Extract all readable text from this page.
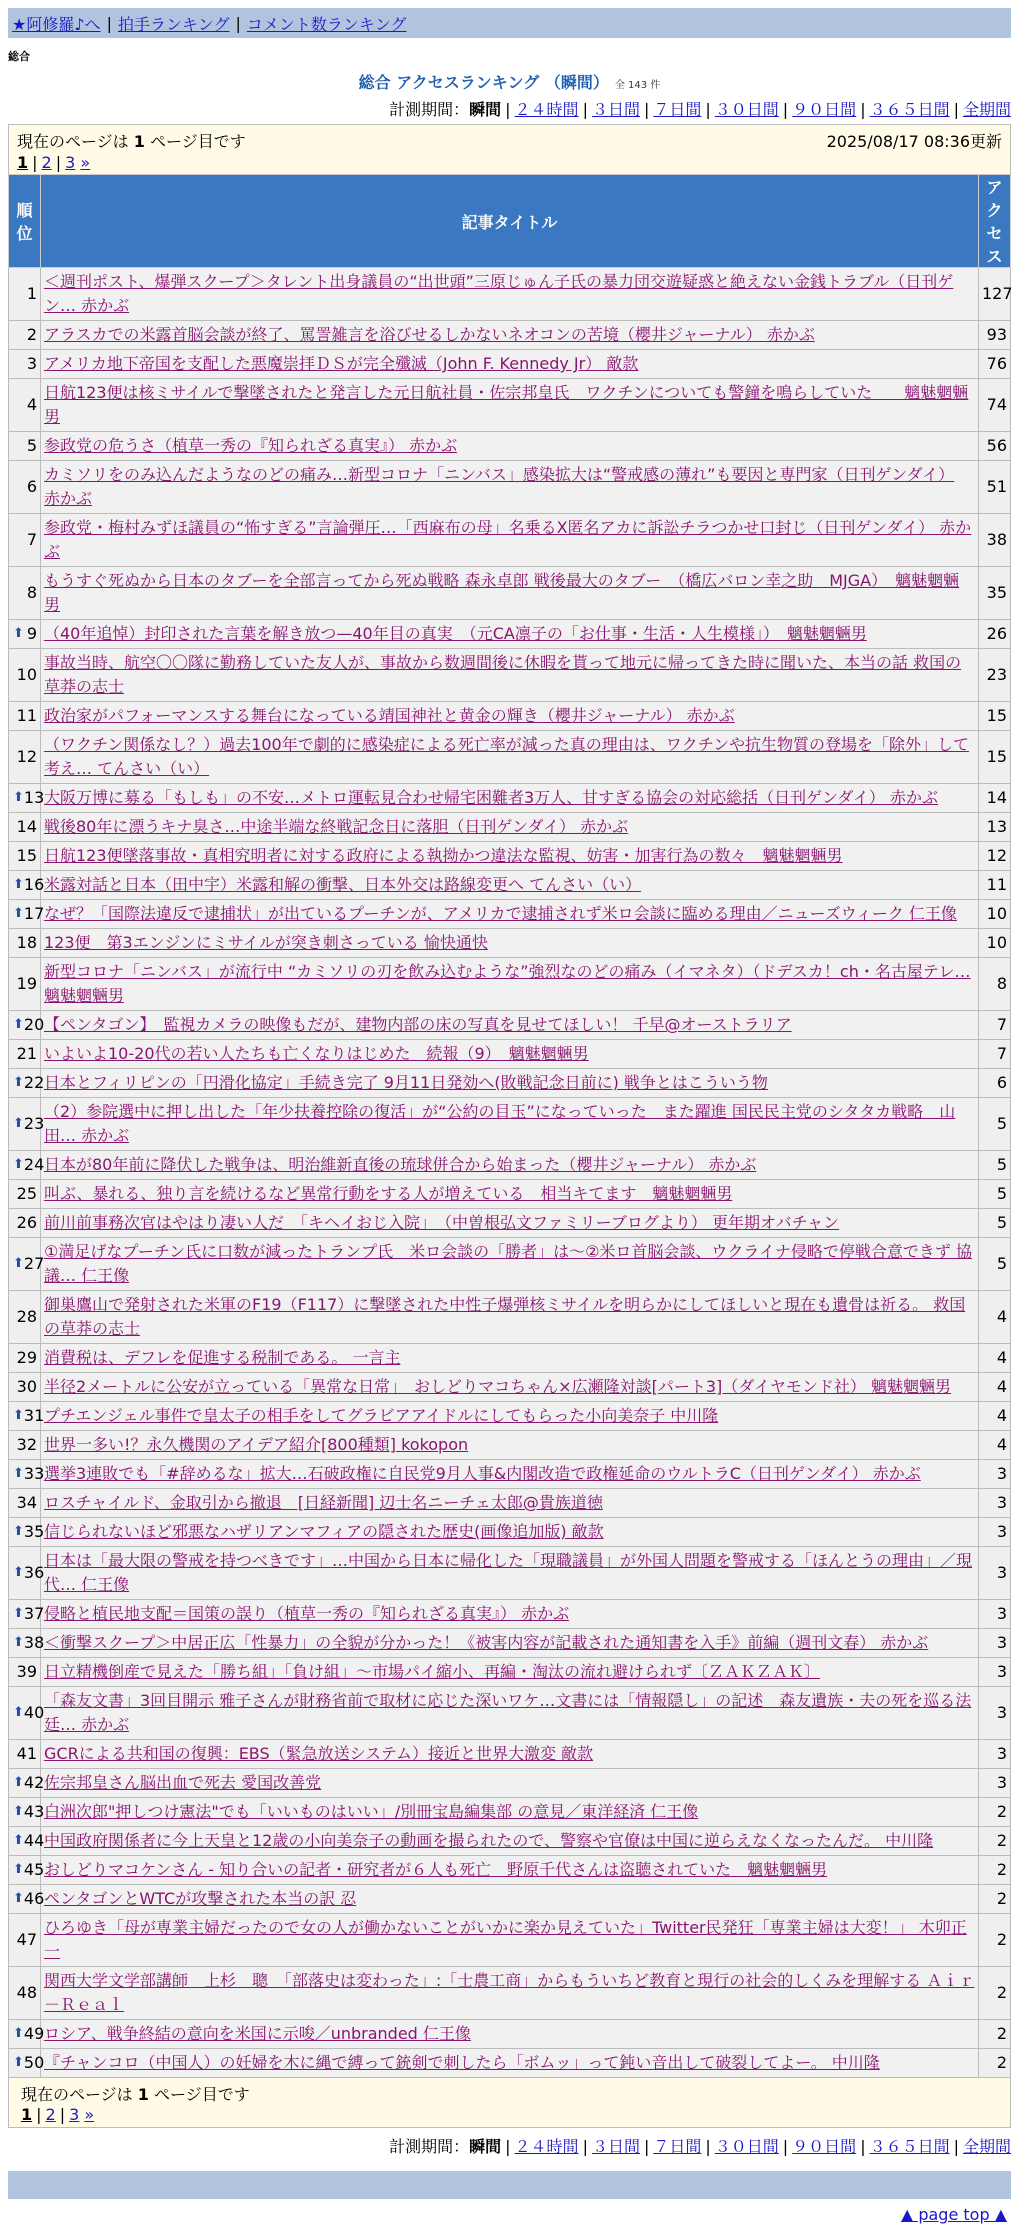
★阿修羅♪へ | 拍手ランキング | コメント数ランキング
総合
総合 アクセスランキング （瞬間） 全 143 件
計測期間：瞬間 | ２４時間 | ３日間 | ７日間 | ３０日間 | ９０日間 | ３６５日間 | 全期間
現在のページは 1 ページ目です	2025/08/17 08:36更新
1 | 2 | 3 »
順位	記事タイトル	アクセス
1	＜週刊ポスト、爆弾スクープ＞タレント出身議員の“出世頭”三原じゅん子氏の暴力団交遊疑惑と絶えない金銭トラブル（日刊ゲン… 赤かぶ	127
2	アラスカでの米露首脳会談が終了、罵詈雑言を浴びせるしかないネオコンの苦境（櫻井ジャーナル） 赤かぶ	93
3	アメリカ地下帝国を支配した悪魔崇拝ＤＳが完全殲滅（John F. Kennedy Jr） 敵款	76
4	日航123便は核ミサイルで撃墜されたと発言した元日航社員・佐宗邦皇氏　ワクチンについても警鐘を鳴らしていた　　魑魅魍魎男	74
5	参政党の危うさ（植草一秀の『知られざる真実』） 赤かぶ	56
6	カミソリをのみ込んだようなのどの痛み…新型コロナ「ニンバス」感染拡大は“警戒感の薄れ”も要因と専門家（日刊ゲンダイ） 赤かぶ	51
7	参政党・梅村みずほ議員の“怖すぎる”言論弾圧…「西麻布の母」名乗るX匿名アカに訴訟チラつかせ口封じ（日刊ゲンダイ） 赤かぶ	38
8	もうすぐ死ぬから日本のタブーを全部言ってから死ぬ戦略 森永卓郎 戦後最大のタブー　（橋広バロン幸之助　MJGA）　魑魅魍魎男	35

⬆ 9	（40年追悼）封印された言葉を解き放つ—40年目の真実　（元CA凛子の「お仕事・生活・人生模様」）　魑魅魍魎男	26
10	事故当時、航空〇〇隊に勤務していた友人が、事故から数週間後に休暇を貰って地元に帰ってきた時に聞いた、本当の話 救国の草莽の志士	23
11	政治家がパフォーマンスする舞台になっている靖国神社と黄金の輝き（櫻井ジャーナル） 赤かぶ	15
12	（ワクチン関係なし？）過去100年で劇的に感染症による死亡率が減った真の理由は、ワクチンや抗生物質の登場を「除外」して考え… てんさい（い）	15

⬆ 13	大阪万博に募る「もしも」の不安…メトロ運転見合わせ帰宅困難者3万人、甘すぎる協会の対応総括（日刊ゲンダイ） 赤かぶ	14
14	戦後80年に漂うキナ臭さ…中途半端な終戦記念日に落胆（日刊ゲンダイ） 赤かぶ	13
15	日航123便墜落事故・真相究明者に対する政府による執拗かつ違法な監視、妨害・加害行為の数々　魑魅魍魎男	12

⬆ 16	米露対話と日本（田中宇）米露和解の衝撃、日本外交は路線変更へ てんさい（い）	11

⬆ 17	なぜ？「国際法違反で逮捕状」が出ているプーチンが、アメリカで逮捕されず米ロ会談に臨める理由／ニューズウィーク 仁王像	10
18	123便　第3エンジンにミサイルが突き刺さっている 愉快通快	10
19	新型コロナ「ニンバス」が流行中 “カミソリの刃を飲み込むような”強烈なのどの痛み（イマネタ）（ドデスカ！ch・名古屋テレ… 魑魅魍魎男	8

⬆ 20	【ペンタゴン】　監視カメラの映像もだが、建物内部の床の写真を見せてほしい！ 千早@オーストラリア	7
21	いよいよ10-20代の若い人たちも亡くなりはじめた　続報（9）　魑魅魍魎男	7

⬆ 22	日本とフィリピンの「円滑化協定」手続き完了 9月11日発効へ(敗戦記念日前に) 戦争とはこういう物	6

⬆ 23	（2）参院選中に押し出した「年少扶養控除の復活」が“公約の目玉”になっていった　また躍進 国民民主党のシタタカ戦略　山田… 赤かぶ	5

⬆ 24	日本が80年前に降伏した戦争は、明治維新直後の琉球併合から始まった（櫻井ジャーナル） 赤かぶ	5
25	叫ぶ、暴れる、独り言を続けるなど異常行動をする人が増えている　相当キてます　魑魅魍魎男	5
26	前川前事務次官はやはり凄い人だ　「キヘイおじ入院」　（中曽根弘文ファミリーブログより） 更年期オバチャン	5

⬆ 27	①満足げなプーチン氏に口数が減ったトランプ氏　米ロ会談の「勝者」は～②米ロ首脳会談、ウクライナ侵略で停戦合意できず 協議… 仁王像	5
28	御巣鷹山で発射された米軍のF19（F117）に撃墜された中性子爆弾核ミサイルを明らかにしてほしいと現在も遺骨は祈る。 救国の草莽の志士	4
29	消費税は、デフレを促進する税制である。 一言主	4
30	半径2メートルに公安が立っている「異常な日常」　おしどりマコちゃん×広瀬隆対談[パート3]（ダイヤモンド社） 魑魅魍魎男	4

⬆ 31	プチエンジェル事件で皇太子の相手をしてグラビアアイドルにしてもらった小向美奈子 中川隆	4
32	世界一多い!？永久機関のアイデア紹介[800種類] kokopon	4

⬆ 33	選挙3連敗でも「#辞めるな」拡大…石破政権に自民党9月人事&内閣改造で政権延命のウルトラC（日刊ゲンダイ） 赤かぶ	3
34	ロスチャイルド、金取引から撤退　[日経新聞] 辺士名ニーチェ太郎@貴族道徳	3

⬆ 35	信じられないほど邪悪なハザリアンマフィアの隠された歴史(画像追加版) 敵款	3

⬆ 36	日本は「最大限の警戒を持つべきです」…中国から日本に帰化した「現職議員」が外国人問題を警戒する「ほんとうの理由」／現代… 仁王像	3

⬆ 37	侵略と植民地支配＝国策の誤り（植草一秀の『知られざる真実』） 赤かぶ	3

⬆ 38	＜衝撃スクープ＞中居正広「性暴力」の全貌が分かった！《被害内容が記載された通知書を入手》前編（週刊文春） 赤かぶ	3
39	日立精機倒産で見えた「勝ち組」「負け組」〜市場パイ縮小、再編・淘汰の流れ避けられず〔ＺＡＫＺＡＫ〕	3

⬆ 40	「森友文書」3回目開示 雅子さんが財務省前で取材に応じた深いワケ…文書には「情報隠し」の記述　森友遺族・夫の死を巡る法廷… 赤かぶ	3
41	GCRによる共和国の復興：EBS（緊急放送システム）接近と世界大激変 敵款	3

⬆ 42	佐宗邦皇さん脳出血で死去 愛国改善党	3

⬆ 43	白洲次郎"押しつけ憲法"でも「いいものはいい」/別冊宝島編集部 の意見／東洋経済 仁王像	2

⬆ 44	中国政府関係者に今上天皇と12歳の小向美奈子の動画を撮られたので、警察や官僚は中国に逆らえなくなったんだ。 中川隆	2

⬆ 45	おしどりマコケンさん - 知り合いの記者・研究者が６人も死亡　野原千代さんは盗聴されていた　魑魅魍魎男	2

⬆ 46	ペンタゴンとWTCが攻撃された本当の訳 忍	2
47	ひろゆき「母が専業主婦だったので女の人が働かないことがいかに楽か見えていた」Twitter民発狂「専業主婦は大変！」 木卯正一	2
48	関西大学文学部講師　上杉　聰　「部落史は変わった」:「士農工商」からもういちど教育と現行の社会的しくみを理解する Ａｉｒ－Ｒｅａｌ	2

⬆ 49	ロシア、戦争終結の意向を米国に示唆／unbranded 仁王像	2

⬆ 50	『チャンコロ（中国人）の妊婦を木に縄で縛って銃剣で刺したら「ボムッ」って鈍い音出して破裂してよー。 中川隆	2
現在のページは 1 ページ目です
1 | 2 | 3 »
計測期間：瞬間 | ２４時間 | ３日間 | ７日間 | ３０日間 | ９０日間 | ３６５日間 | 全期間
▲ page top ▲
